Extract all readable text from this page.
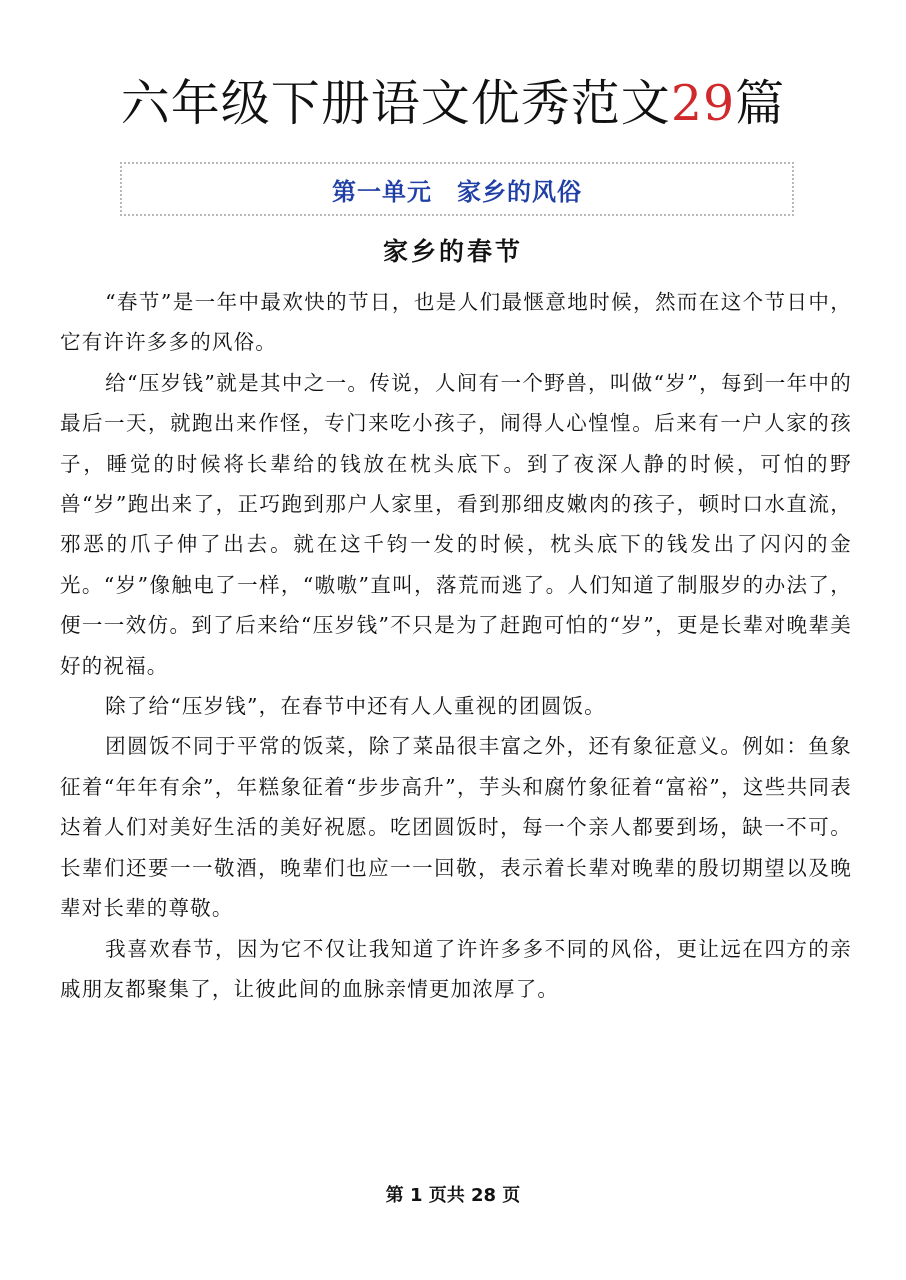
六年级下册语文优秀范文29篇
第一单元　家乡的风俗
家乡的春节

“春节”是一年中最欢快的节日，也是人们最惬意地时候，然而在这个节日中，它有许许多多的风俗。

给“压岁钱”就是其中之一。传说，人间有一个野兽，叫做“岁”，每到一年中的最后一天，就跑出来作怪，专门来吃小孩子，闹得人心惶惶。后来有一户人家的孩子，睡觉的时候将长辈给的钱放在枕头底下。到了夜深人静的时候，可怕的野兽“岁”跑出来了，正巧跑到那户人家里，看到那细皮嫩肉的孩子，顿时口水直流，邪恶的爪子伸了出去。就在这千钧一发的时候，枕头底下的钱发出了闪闪的金光。“岁”像触电了一样，“嗷嗷”直叫，落荒而逃了。人们知道了制服岁的办法了，便一一效仿。到了后来给“压岁钱”不只是为了赶跑可怕的“岁”，更是长辈对晚辈美好的祝福。

除了给“压岁钱”，在春节中还有人人重视的团圆饭。

团圆饭不同于平常的饭菜，除了菜品很丰富之外，还有象征意义。例如：鱼象征着“年年有余”，年糕象征着“步步高升”，芋头和腐竹象征着“富裕”，这些共同表达着人们对美好生活的美好祝愿。吃团圆饭时，每一个亲人都要到场，缺一不可。长辈们还要一一敬酒，晚辈们也应一一回敬，表示着长辈对晚辈的殷切期望以及晚辈对长辈的尊敬。

我喜欢春节，因为它不仅让我知道了许许多多不同的风俗，更让远在四方的亲戚朋友都聚集了，让彼此间的血脉亲情更加浓厚了。

第 1 页共 28 页
